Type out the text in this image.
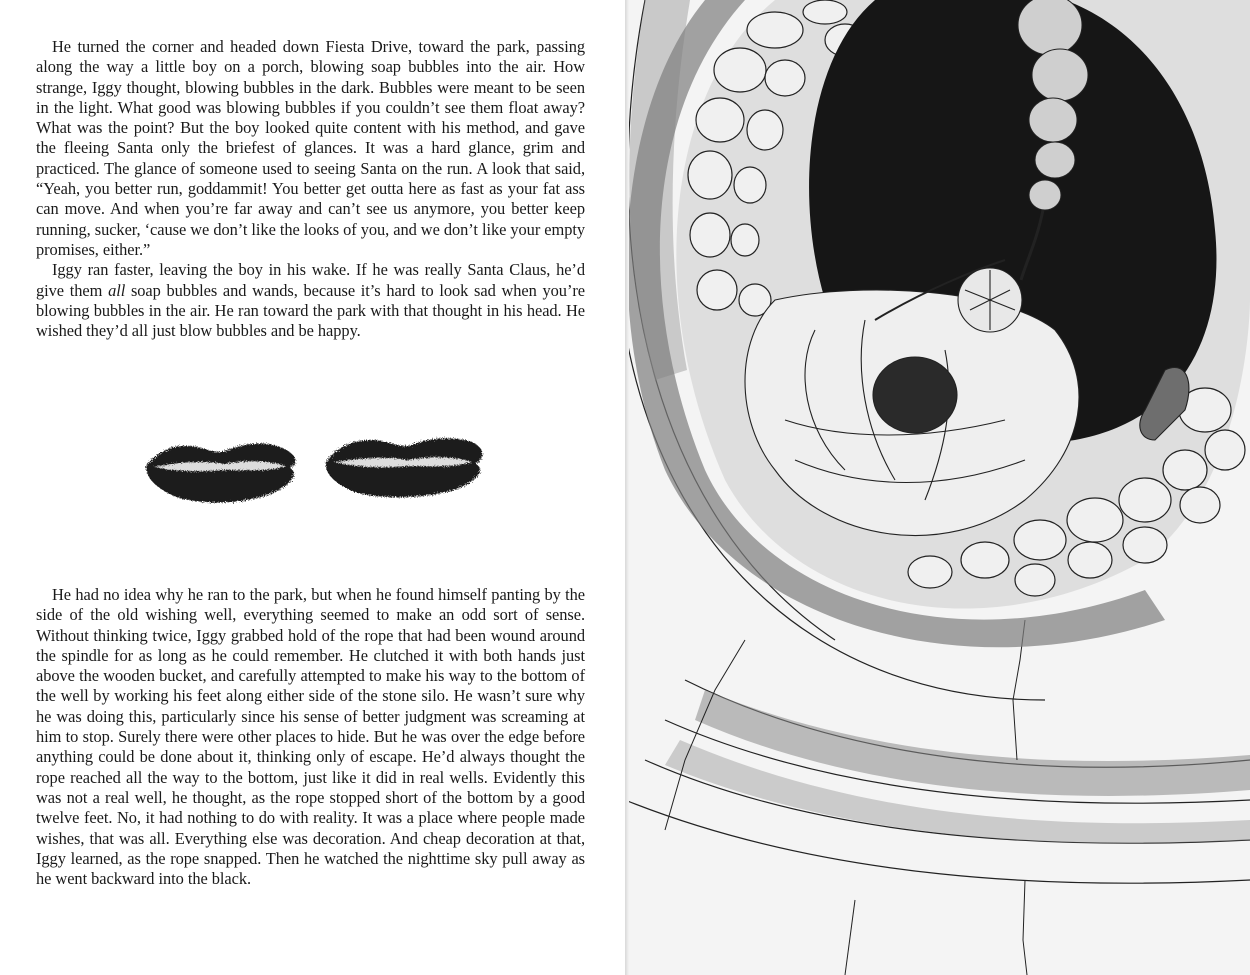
He turned the corner and headed down Fiesta Drive, toward the park, passing along the way a little boy on a porch, blowing soap bubbles into the air. How strange, Iggy thought, blowing bubbles in the dark. Bubbles were meant to be seen in the light. What good was blowing bubbles if you couldn’t see them float away? What was the point? But the boy looked quite content with his method, and gave the fleeing Santa only the briefest of glances. It was a hard glance, grim and practiced. The glance of someone used to seeing Santa on the run. A look that said, “Yeah, you better run, goddammit! You better get outta here as fast as your fat ass can move. And when you’re far away and can’t see us anymore, you better keep running, sucker, ‘cause we don’t like the looks of you, and we don’t like your empty promises, either.”

Iggy ran faster, leaving the boy in his wake. If he was really Santa Claus, he’d give them all soap bubbles and wands, because it’s hard to look sad when you’re blowing bubbles in the air. He ran toward the park with that thought in his head. He wished they’d all just blow bubbles and be happy.

He had no idea why he ran to the park, but when he found himself panting by the side of the old wishing well, everything seemed to make an odd sort of sense. Without thinking twice, Iggy grabbed hold of the rope that had been wound around the spindle for as long as he could remember. He clutched it with both hands just above the wooden bucket, and carefully attempted to make his way to the bottom of the well by working his feet along either side of the stone silo. He wasn’t sure why he was doing this, particularly since his sense of better judgment was screaming at him to stop. Surely there were other places to hide. But he was over the edge before anything could be done about it, thinking only of escape. He’d always thought the rope reached all the way to the bottom, just like it did in real wells. Evidently this was not a real well, he thought, as the rope stopped short of the bottom by a good twelve feet. No, it had nothing to do with reality. It was a place where people made wishes, that was all. Everything else was decoration. And cheap decoration at that, Iggy learned, as the rope snapped. Then he watched the nighttime sky pull away as he went backward into the black.
